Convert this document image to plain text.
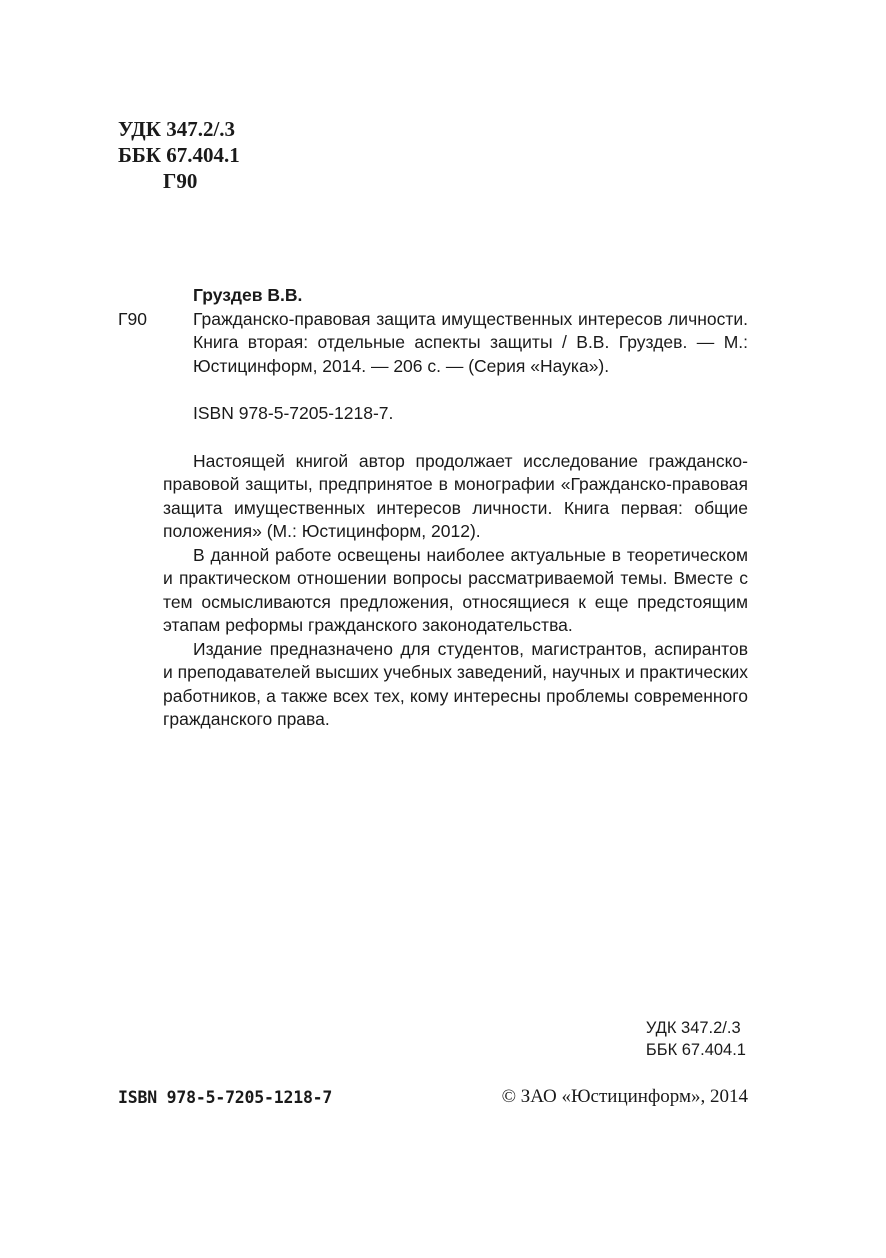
УДК 347.2/.3
ББК 67.404.1
Г90
Груздев В.В.
Г90	Гражданско-правовая защита имущественных интересов личности. Книга вторая: отдельные аспекты защиты / В.В. Груздев. — М.: Юстицинформ, 2014. — 206 с. — (Серия «Наука»).
ISBN 978-5-7205-1218-7.

Настоящей книгой автор продолжает исследование гражданско-правовой защиты, предпринятое в монографии «Гражданско-правовая защита имущественных интересов личности. Книга первая: общие положения» (М.: Юстицинформ, 2012).

В данной работе освещены наиболее актуальные в теоретическом и практическом отношении вопросы рассматриваемой темы. Вместе с тем осмысливаются предложения, относящиеся к еще предстоящим этапам реформы гражданского законодательства.

Издание предназначено для студентов, магистрантов, аспирантов и преподавателей высших учебных заведений, научных и практических работников, а также всех тех, кому интересны проблемы современного гражданского права.

УДК 347.2/.3
ББК 67.404.1
ISBN 978-5-7205-1218-7	© ЗАО «Юстицинформ», 2014
